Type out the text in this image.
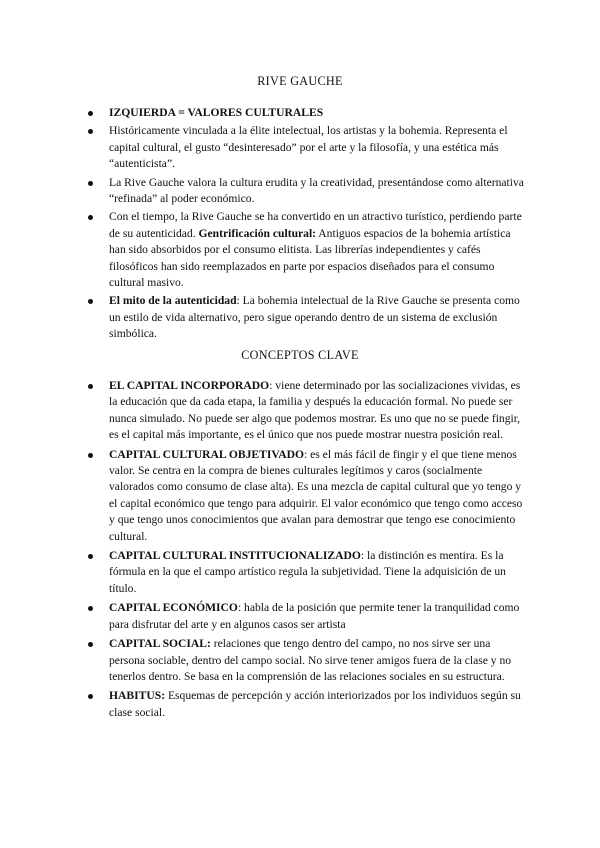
RIVE GAUCHE
IZQUIERDA = VALORES CULTURALES
Históricamente vinculada a la élite intelectual, los artistas y la bohemia. Representa el capital cultural, el gusto “desinteresado” por el arte y la filosofía, y una estética más “autenticista”.
La Rive Gauche valora la cultura erudita y la creatividad, presentándose como alternativa “refinada” al poder económico.
Con el tiempo, la Rive Gauche se ha convertido en un atractivo turístico, perdiendo parte de su autenticidad. Gentrificación cultural: Antiguos espacios de la bohemia artística han sido absorbidos por el consumo elitista. Las librerías independientes y cafés filosóficos han sido reemplazados en parte por espacios diseñados para el consumo cultural masivo.
El mito de la autenticidad: La bohemia intelectual de la Rive Gauche se presenta como un estilo de vida alternativo, pero sigue operando dentro de un sistema de exclusión simbólica.
CONCEPTOS CLAVE
EL CAPITAL INCORPORADO: viene determinado por las socializaciones vividas, es la educación que da cada etapa, la familia y después la educación formal. No puede ser nunca simulado. No puede ser algo que podemos mostrar. Es uno que no se puede fingir, es el capital más importante, es el único que nos puede mostrar nuestra posición real.
CAPITAL CULTURAL OBJETIVADO: es el más fácil de fingir y el que tiene menos valor. Se centra en la compra de bienes culturales legítimos y caros (socialmente valorados como consumo de clase alta). Es una mezcla de capital cultural que yo tengo y el capital económico que tengo para adquirir. El valor económico que tengo como acceso y que tengo unos conocimientos que avalan para demostrar que tengo ese conocimiento cultural.
CAPITAL CULTURAL INSTITUCIONALIZADO: la distinción es mentira. Es la fórmula en la que el campo artístico regula la subjetividad. Tiene la adquisición de un título.
CAPITAL ECONÓMICO: habla de la posición que permite tener la tranquilidad como para disfrutar del arte y en algunos casos ser artista
CAPITAL SOCIAL: relaciones que tengo dentro del campo, no nos sirve ser una persona sociable, dentro del campo social. No sirve tener amigos fuera de la clase y no tenerlos dentro. Se basa en la comprensión de las relaciones sociales en su estructura.
HABITUS: Esquemas de percepción y acción interiorizados por los individuos según su clase social.
